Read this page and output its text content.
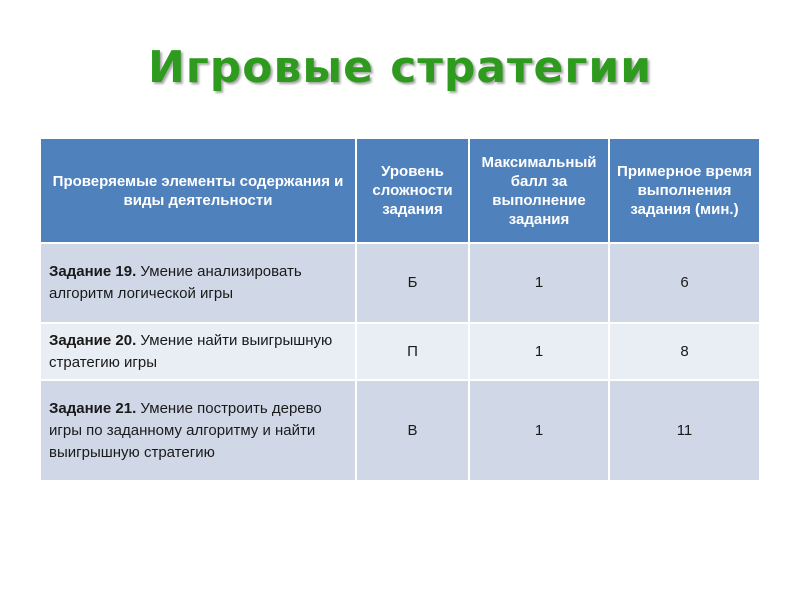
Игровые стратегии
Проверяемые элементы содержания и виды деятельности	Уровень сложности задания	Максимальный балл за выполнение задания	Примерное время выполнения задания (мин.)
Задание 19. Умение анализировать алгоритм логической игры	Б	1	6
Задание 20. Умение найти выигрышную стратегию игры	П	1	8
Задание 21. Умение построить дерево игры по заданному алгоритму и найти выигрышную стратегию	В	1	11
